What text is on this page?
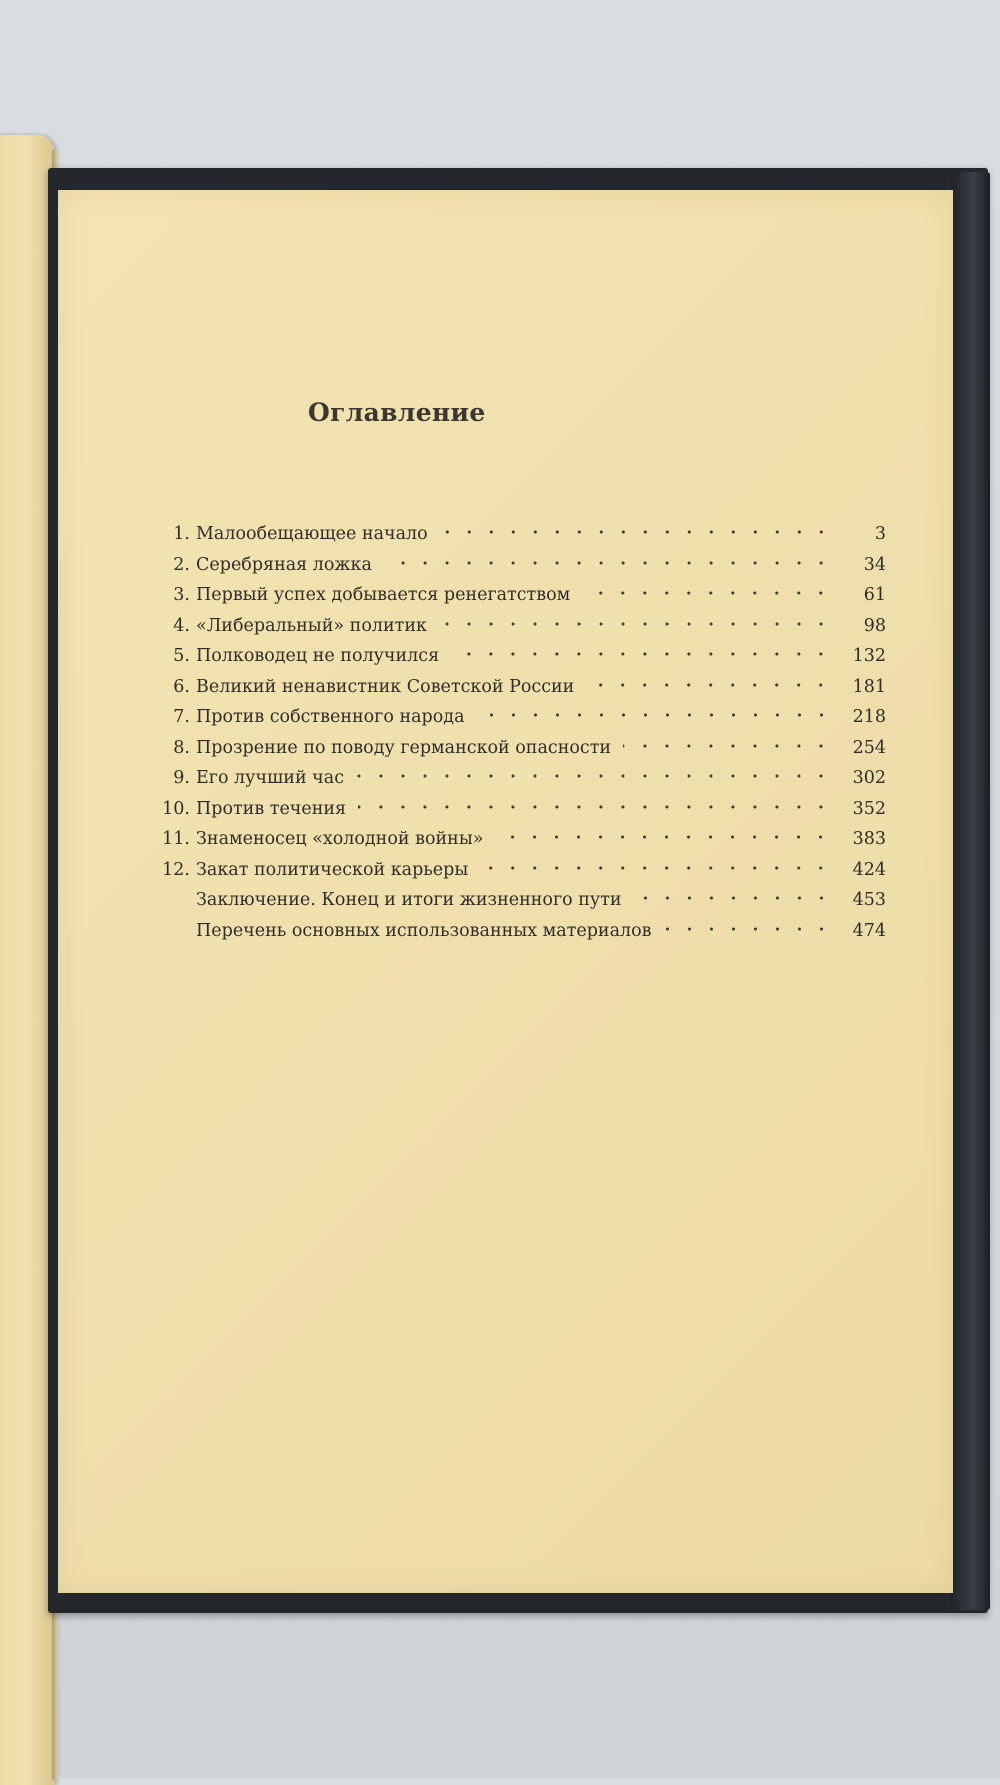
Оглавление
1. Малообещающее начало	3
2. Серебряная ложка	34
3. Первый успех добывается ренегатством	61
4. «Либеральный» политик	98
5. Полководец не получился	132
6. Великий ненавистник Советской России	181
7. Против собственного народа	218
8. Прозрение по поводу германской опасности	254
9. Его лучший час	302
10. Против течения	352
11. Знаменосец «холодной войны»	383
12. Закат политической карьеры	424
Заключение. Конец и итоги жизненного пути	453
Перечень основных использованных материалов	474
